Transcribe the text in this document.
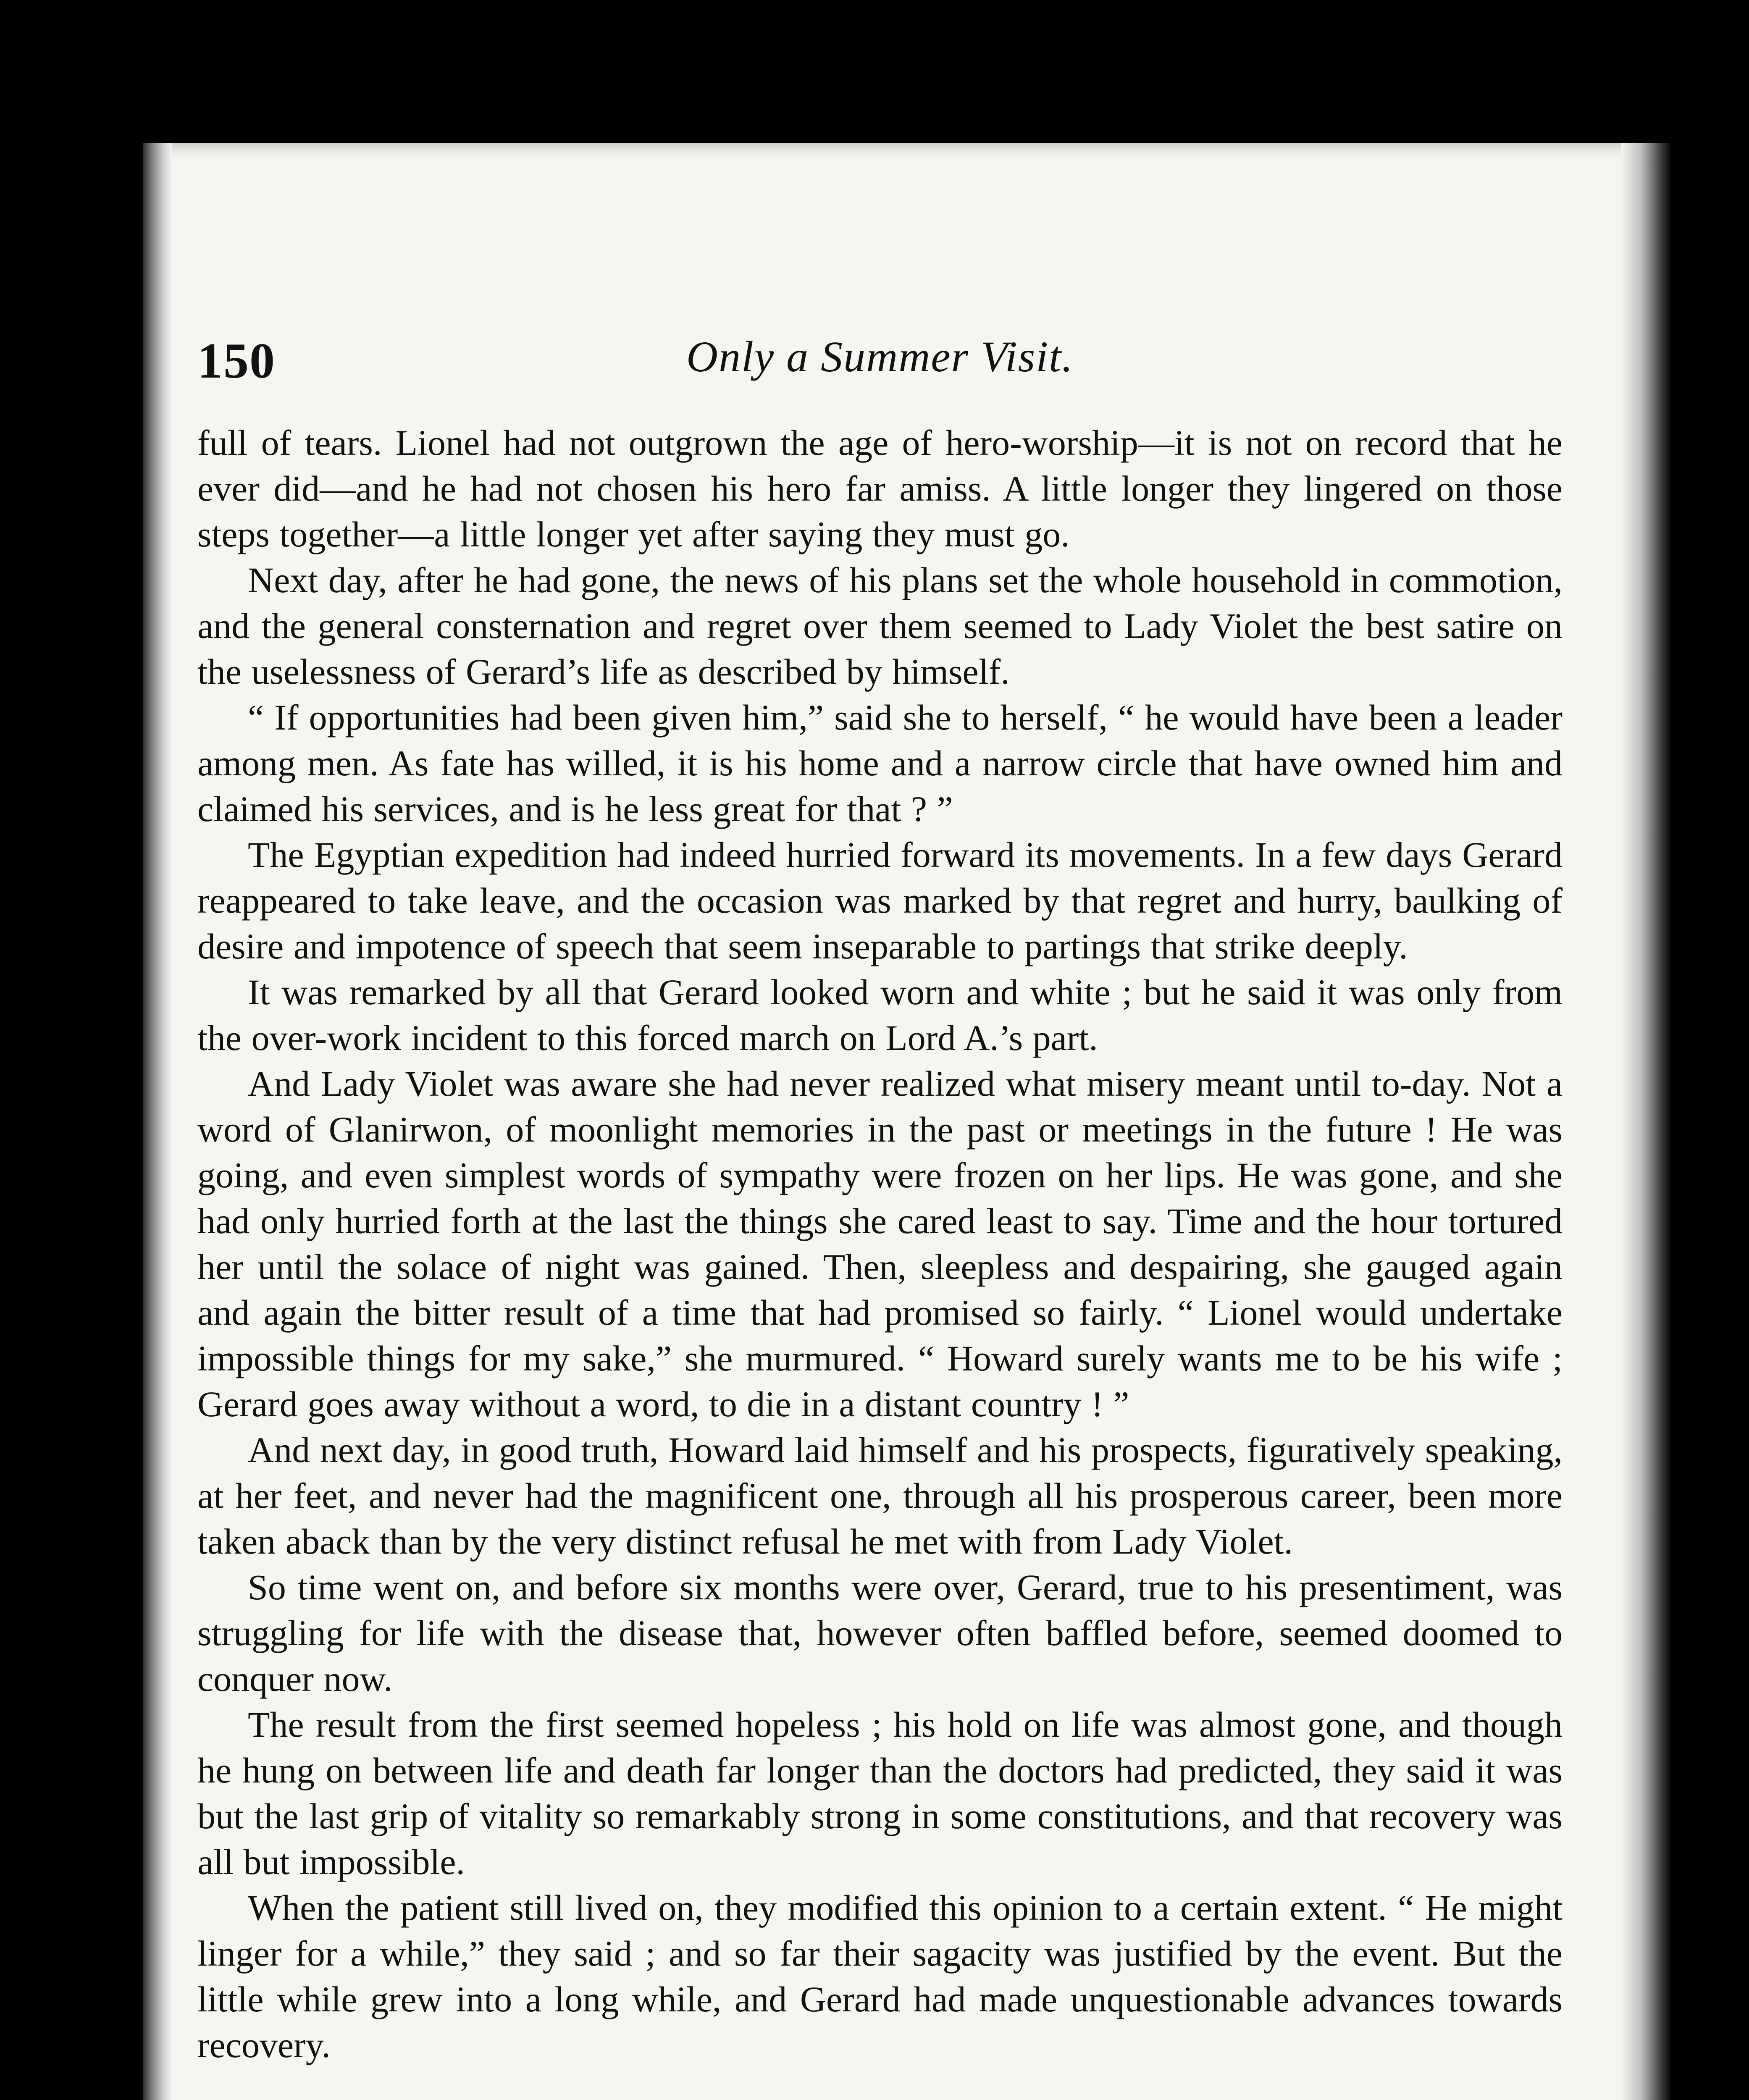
150	Only a Summer Visit.

full of tears. Lionel had not outgrown the age of hero-worship—it is not on record that he ever did—and he had not chosen his hero far amiss. A little longer they lingered on those steps together—a little longer yet after saying they must go.

Next day, after he had gone, the news of his plans set the whole household in commotion, and the general consternation and regret over them seemed to Lady Violet the best satire on the uselessness of Gerard’s life as described by himself.

“ If opportunities had been given him,” said she to herself, “ he would have been a leader among men. As fate has willed, it is his home and a narrow circle that have owned him and claimed his services, and is he less great for that ? ”

The Egyptian expedition had indeed hurried forward its movements. In a few days Gerard reappeared to take leave, and the occasion was marked by that regret and hurry, baulking of desire and impotence of speech that seem inseparable to partings that strike deeply.

It was remarked by all that Gerard looked worn and white ; but he said it was only from the over-work incident to this forced march on Lord A.’s part.

And Lady Violet was aware she had never realized what misery meant until to-day. Not a word of Glanirwon, of moonlight memories in the past or meetings in the future ! He was going, and even simplest words of sympathy were frozen on her lips. He was gone, and she had only hurried forth at the last the things she cared least to say. Time and the hour tortured her until the solace of night was gained. Then, sleepless and despairing, she gauged again and again the bitter result of a time that had promised so fairly. “ Lionel would undertake impossible things for my sake,” she murmured. “ Howard surely wants me to be his wife ; Gerard goes away without a word, to die in a distant country ! ”

And next day, in good truth, Howard laid himself and his prospects, figuratively speaking, at her feet, and never had the magnificent one, through all his prosperous career, been more taken aback than by the very distinct refusal he met with from Lady Violet.

So time went on, and before six months were over, Gerard, true to his presentiment, was struggling for life with the disease that, however often baffled before, seemed doomed to conquer now.

The result from the first seemed hopeless ; his hold on life was almost gone, and though he hung on between life and death far longer than the doctors had predicted, they said it was but the last grip of vitality so remarkably strong in some constitutions, and that recovery was all but impossible.

When the patient still lived on, they modified this opinion to a certain extent. “ He might linger for a while,” they said ; and so far their sagacity was justified by the event. But the little while grew into a long while, and Gerard had made unquestionable advances towards recovery.
